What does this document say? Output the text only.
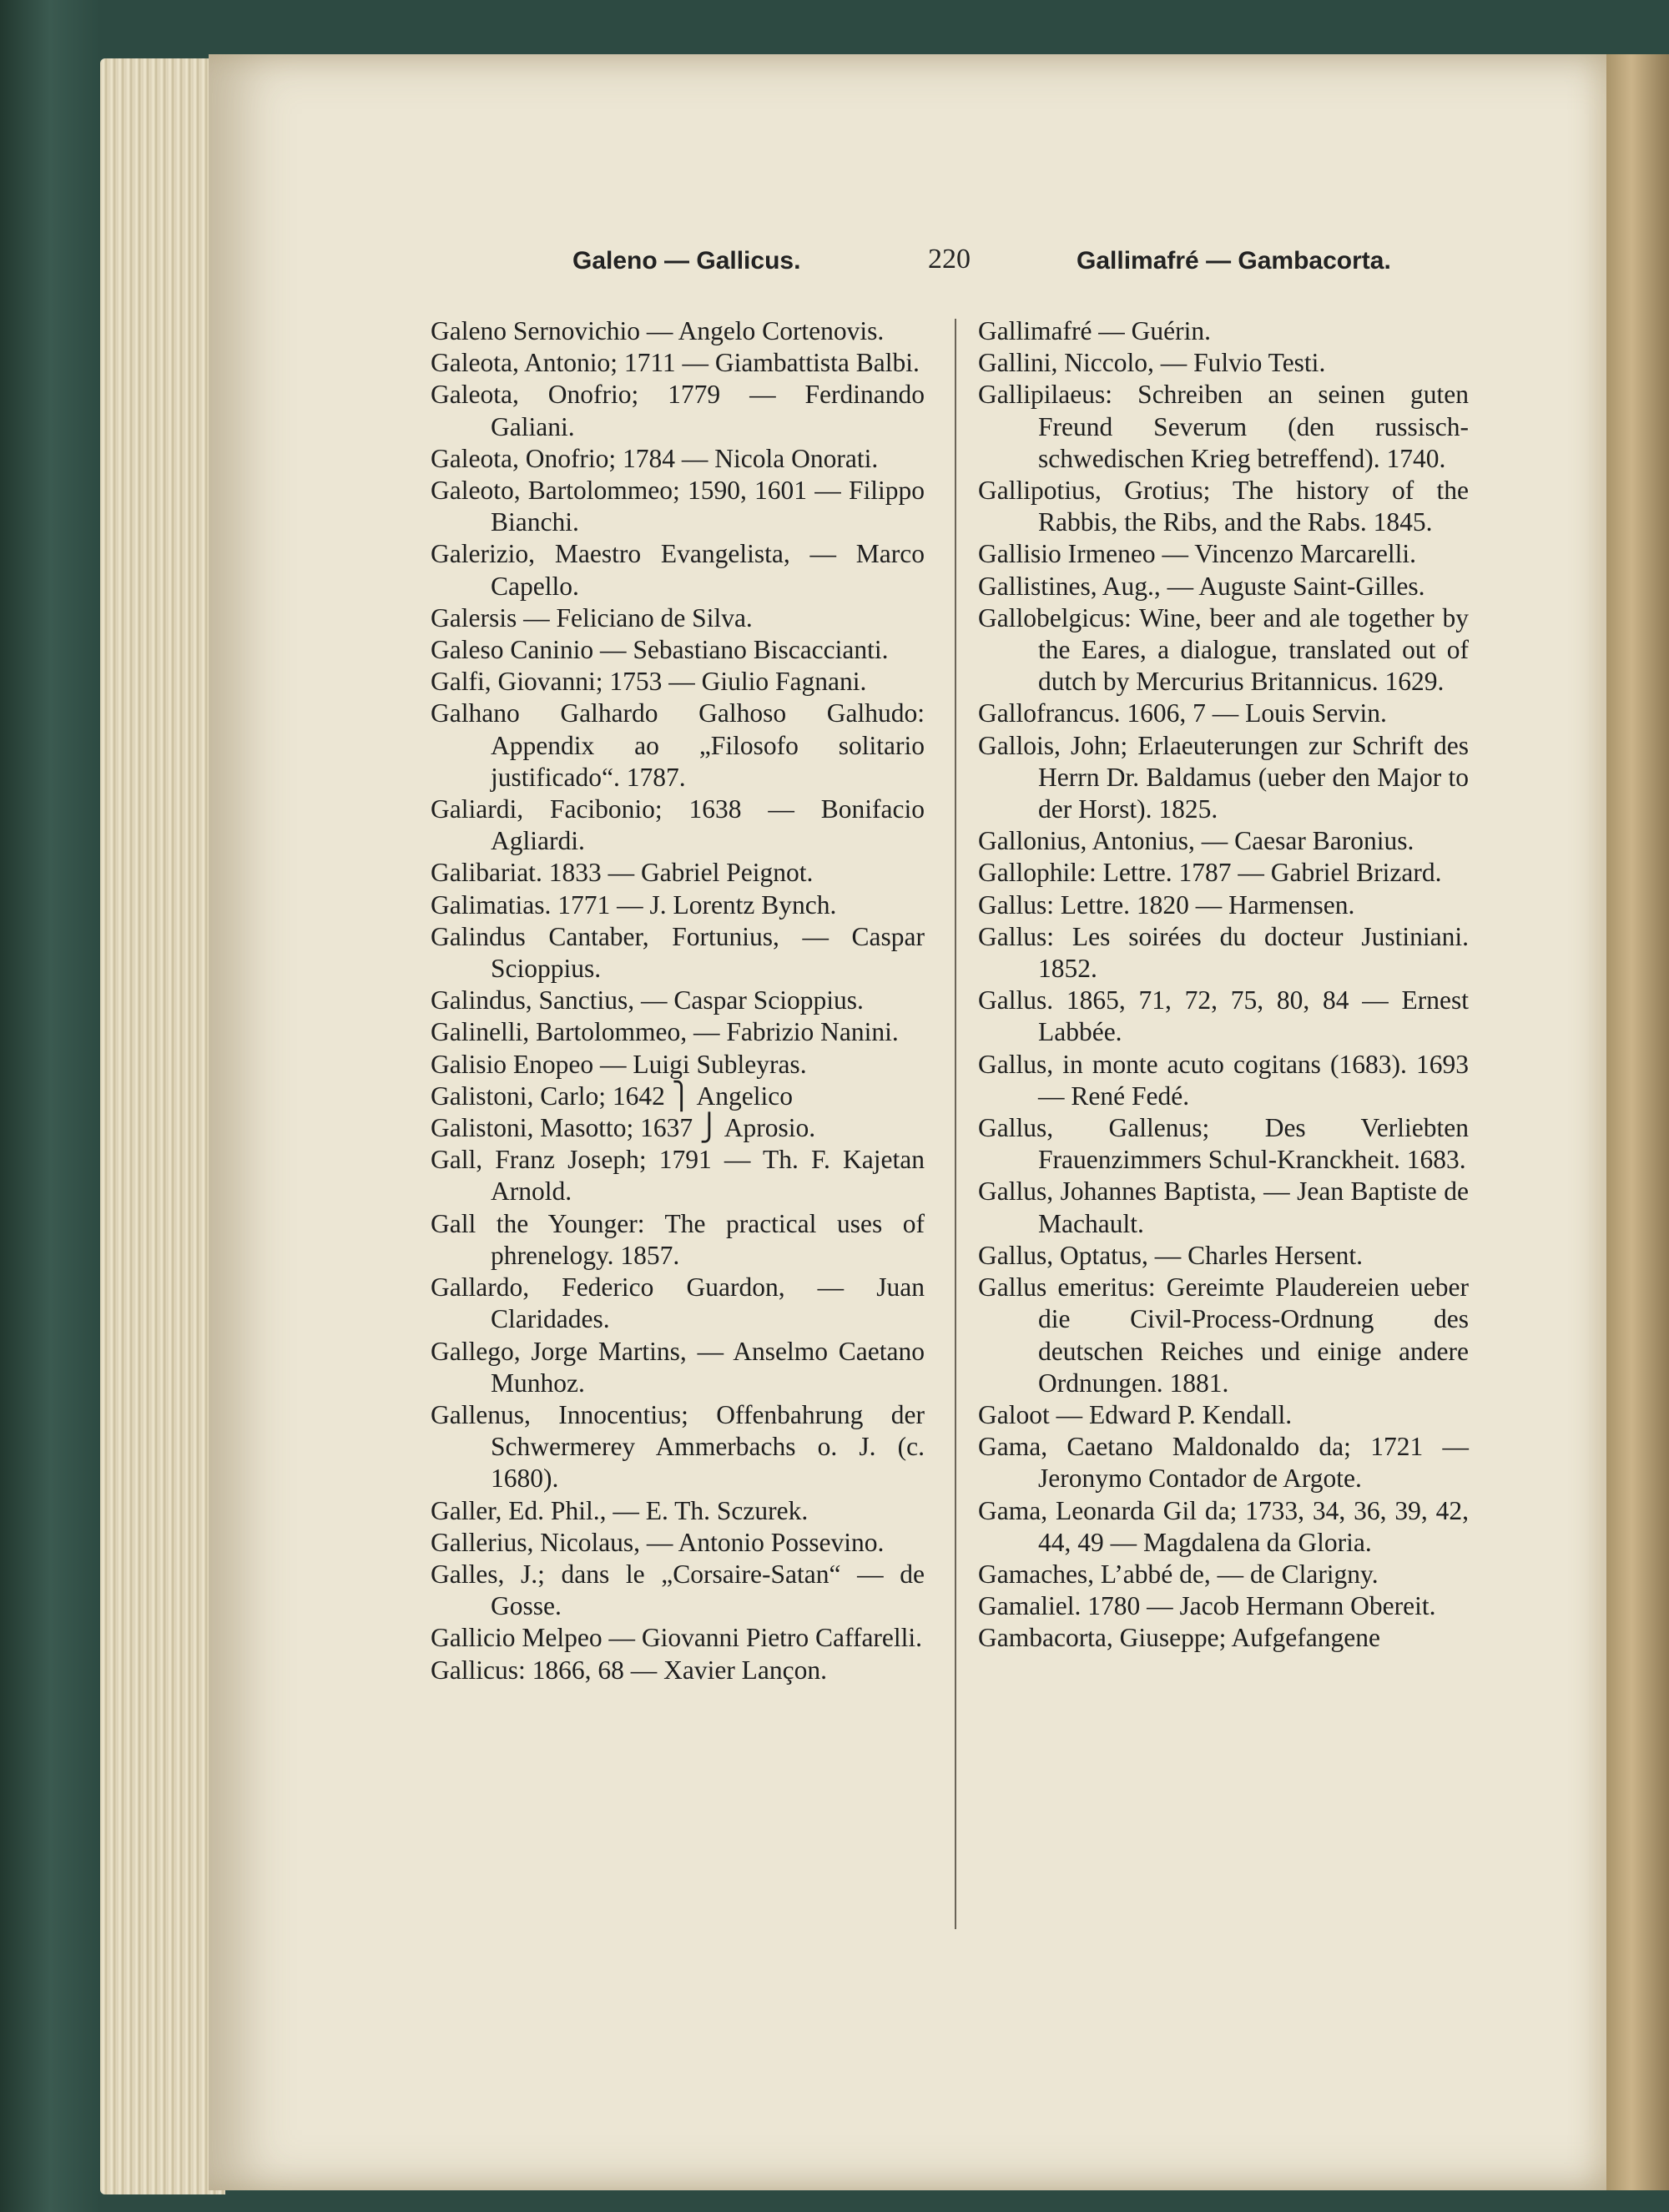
Galeno — Gallicus.	220	Gallimafré — Gambacorta.

Galeno Sernovichio — Angelo Cortenovis.

Galeota, Antonio; 1711 — Giambattista Balbi.

Galeota, Onofrio; 1779 — Ferdinando Galiani.

Galeota, Onofrio; 1784 — Nicola Onorati.

Galeoto, Bartolommeo; 1590, 1601 — Filippo Bianchi.

Galerizio, Maestro Evangelista, — Marco Capello.

Galersis — Feliciano de Silva.

Galeso Caninio — Sebastiano Biscaccianti.

Galfi, Giovanni; 1753 — Giulio Fagnani.

Galhano Galhardo Galhoso Galhudo: Appendix ao „Filosofo solitario justificado“. 1787.

Galiardi, Facibonio; 1638 — Bonifacio Agliardi.

Galibariat. 1833 — Gabriel Peignot.

Galimatias. 1771 — J. Lorentz Bynch.

Galindus Cantaber, Fortunius, — Caspar Scioppius.

Galindus, Sanctius, — Caspar Scioppius.

Galinelli, Bartolommeo, — Fabrizio Nanini.

Galisio Enopeo — Luigi Subleyras.

Galistoni, Carlo; 1642 ⎫ Angelico

Galistoni, Masotto; 1637 ⎭ Aprosio.

Gall, Franz Joseph; 1791 — Th. F. Kajetan Arnold.

Gall the Younger: The practical uses of phrenelogy. 1857.

Gallardo, Federico Guardon, — Juan Claridades.

Gallego, Jorge Martins, — Anselmo Caetano Munhoz.

Gallenus, Innocentius; Offenbahrung der Schwermerey Ammerbachs o. J. (c. 1680).

Galler, Ed. Phil., — E. Th. Sczurek.

Gallerius, Nicolaus, — Antonio Possevino.

Galles, J.; dans le „Corsaire-Satan“ — de Gosse.

Gallicio Melpeo — Giovanni Pietro Caffarelli.

Gallicus: 1866, 68 — Xavier Lançon.

Gallimafré — Guérin.

Gallini, Niccolo, — Fulvio Testi.

Gallipilaeus: Schreiben an seinen guten Freund Severum (den russisch-schwedischen Krieg betreffend). 1740.

Gallipotius, Grotius; The history of the Rabbis, the Ribs, and the Rabs. 1845.

Gallisio Irmeneo — Vincenzo Marcarelli.

Gallistines, Aug., — Auguste Saint-Gilles.

Gallobelgicus: Wine, beer and ale together by the Eares, a dialogue, translated out of dutch by Mercurius Britannicus. 1629.

Gallofrancus. 1606, 7 — Louis Servin.

Gallois, John; Erlaeuterungen zur Schrift des Herrn Dr. Baldamus (ueber den Major to der Horst). 1825.

Gallonius, Antonius, — Caesar Baronius.

Gallophile: Lettre. 1787 — Gabriel Brizard.

Gallus: Lettre. 1820 — Harmensen.

Gallus: Les soirées du docteur Justiniani. 1852.

Gallus. 1865, 71, 72, 75, 80, 84 — Ernest Labbée.

Gallus, in monte acuto cogitans (1683). 1693 — René Fedé.

Gallus, Gallenus; Des Verliebten Frauenzimmers Schul-Kranckheit. 1683.

Gallus, Johannes Baptista, — Jean Baptiste de Machault.

Gallus, Optatus, — Charles Hersent.

Gallus emeritus: Gereimte Plaudereien ueber die Civil-Process-Ordnung des deutschen Reiches und einige andere Ordnungen. 1881.

Galoot — Edward P. Kendall.

Gama, Caetano Maldonaldo da; 1721 — Jeronymo Contador de Argote.

Gama, Leonarda Gil da; 1733, 34, 36, 39, 42, 44, 49 — Magdalena da Gloria.

Gamaches, L’abbé de, — de Clarigny.

Gamaliel. 1780 — Jacob Hermann Obereit.

Gambacorta, Giuseppe; Aufgefangene
